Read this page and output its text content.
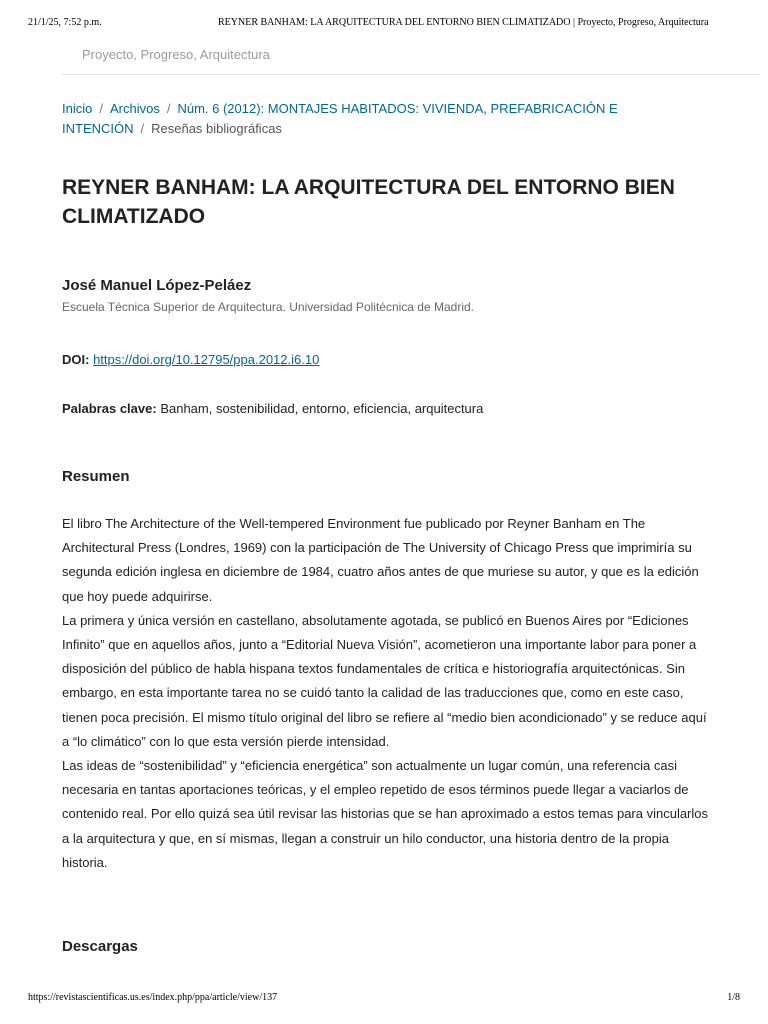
21/1/25, 7:52 p.m.	REYNER BANHAM: LA ARQUITECTURA DEL ENTORNO BIEN CLIMATIZADO | Proyecto, Progreso, Arquitectura
Proyecto, Progreso, Arquitectura
Inicio / Archivos / Núm. 6 (2012): MONTAJES HABITADOS: VIVIENDA, PREFABRICACIÓN E INTENCIÓN / Reseñas bibliográficas
REYNER BANHAM: LA ARQUITECTURA DEL ENTORNO BIEN CLIMATIZADO
José Manuel López-Peláez
Escuela Técnica Superior de Arquitectura. Universidad Politécnica de Madrid.
DOI: https://doi.org/10.12795/ppa.2012.i6.10
Palabras clave: Banham, sostenibilidad, entorno, eficiencia, arquitectura
Resumen

El libro The Architecture of the Well-tempered Environment fue publicado por Reyner Banham en The Architectural Press (Londres, 1969) con la participación de The University of Chicago Press que imprimiría su segunda edición inglesa en diciembre de 1984, cuatro años antes de que muriese su autor, y que es la edición que hoy puede adquirirse.

La primera y única versión en castellano, absolutamente agotada, se publicó en Buenos Aires por “Ediciones Infinito” que en aquellos años, junto a “Editorial Nueva Visión”, acometieron una importante labor para poner a disposición del público de habla hispana textos fundamentales de crítica e historiografía arquitectónicas. Sin embargo, en esta importante tarea no se cuidó tanto la calidad de las traducciones que, como en este caso, tienen poca precisión. El mismo título original del libro se refiere al “medio bien acondicionado” y se reduce aquí a “lo climático” con lo que esta versión pierde intensidad.

Las ideas de “sostenibilidad” y “eficiencia energética” son actualmente un lugar común, una referencia casi necesaria en tantas aportaciones teóricas, y el empleo repetido de esos términos puede llegar a vaciarlos de contenido real. Por ello quizá sea útil revisar las historias que se han aproximado a estos temas para vincularlos a la arquitectura y que, en sí mismas, llegan a construir un hilo conductor, una historia dentro de la propia historia.

Descargas
https://revistascientificas.us.es/index.php/ppa/article/view/137	1/8
